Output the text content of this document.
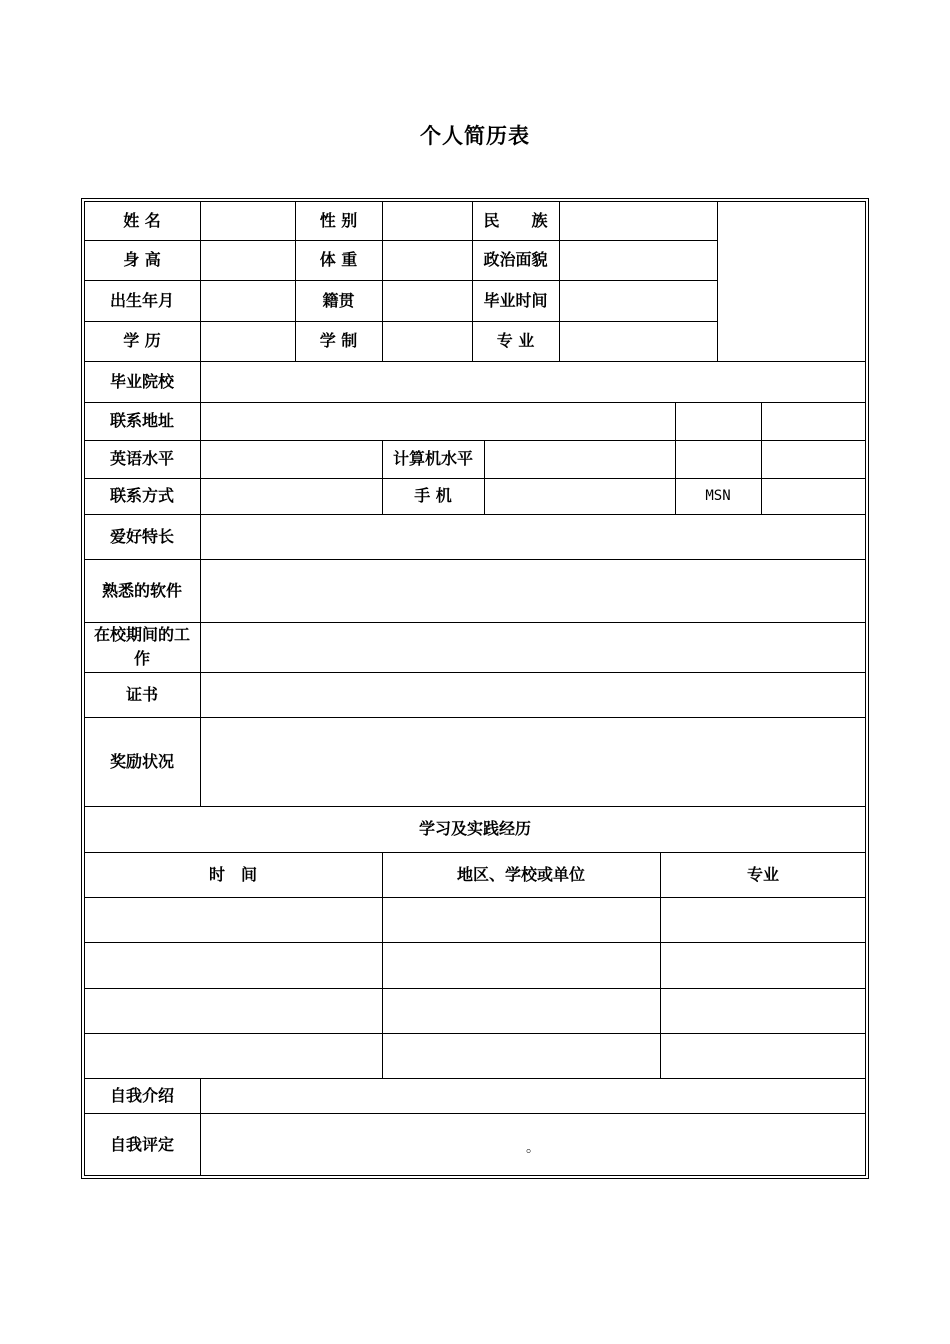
个人简历表
姓 名	性 别	民　　族
身 高	体 重	政治面貌
出生年月	籍贯	毕业时间
学 历	学 制	专 业
毕业院校
联系地址
英语水平	计算机水平
联系方式	手 机	MSN
爱好特长
熟悉的软件
在校期间的工作
证书
奖励状况
学习及实践经历
时　间	地区、学校或单位	专业
自我介绍
自我评定	。
